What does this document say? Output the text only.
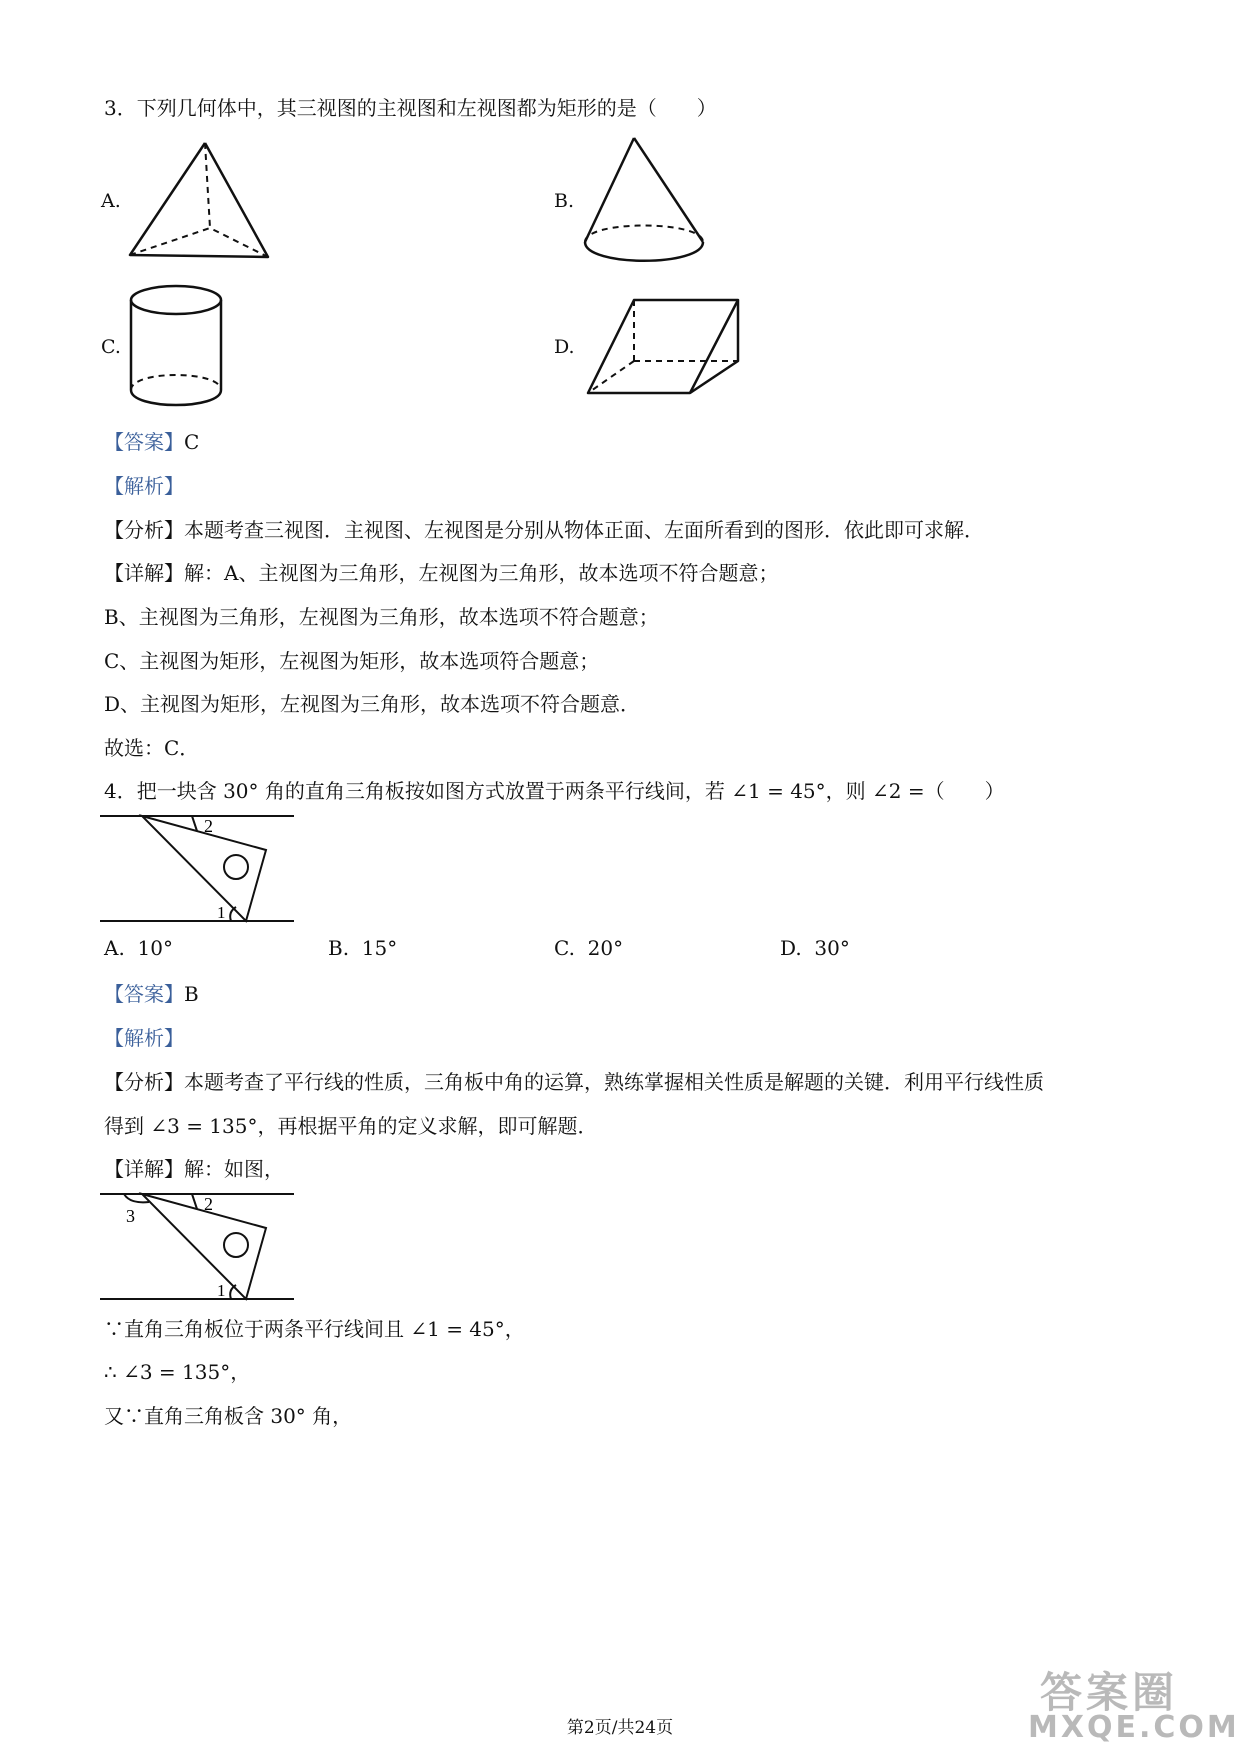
3．下列几何体中，其三视图的主视图和左视图都为矩形的是（　　）
A.	B.
C.	D.
【答案】C
【解析】
【分析】本题考查三视图．主视图、左视图是分别从物体正面、左面所看到的图形．依此即可求解．
【详解】解：A、主视图为三角形，左视图为三角形，故本选项不符合题意；
B、主视图为三角形，左视图为三角形，故本选项不符合题意；
C、主视图为矩形，左视图为矩形，故本选项符合题意；
D、主视图为矩形，左视图为三角形，故本选项不符合题意．
故选：C．
4．把一块含 30° 角的直角三角板按如图方式放置于两条平行线间，若 ∠1 = 45°，则 ∠2 =（　　）
2
1
A. 10°	B. 15°	C. 20°	D. 30°
【答案】B
【解析】
【分析】本题考查了平行线的性质，三角板中角的运算，熟练掌握相关性质是解题的关键．利用平行线性质
得到 ∠3 = 135°，再根据平角的定义求解，即可解题．
【详解】解：如图，
2
1
3
∵直角三角板位于两条平行线间且 ∠1 = 45°，
∴ ∠3 = 135°，
又∵直角三角板含 30° 角，
第2页/共24页
答案圈
MXQE.COM
